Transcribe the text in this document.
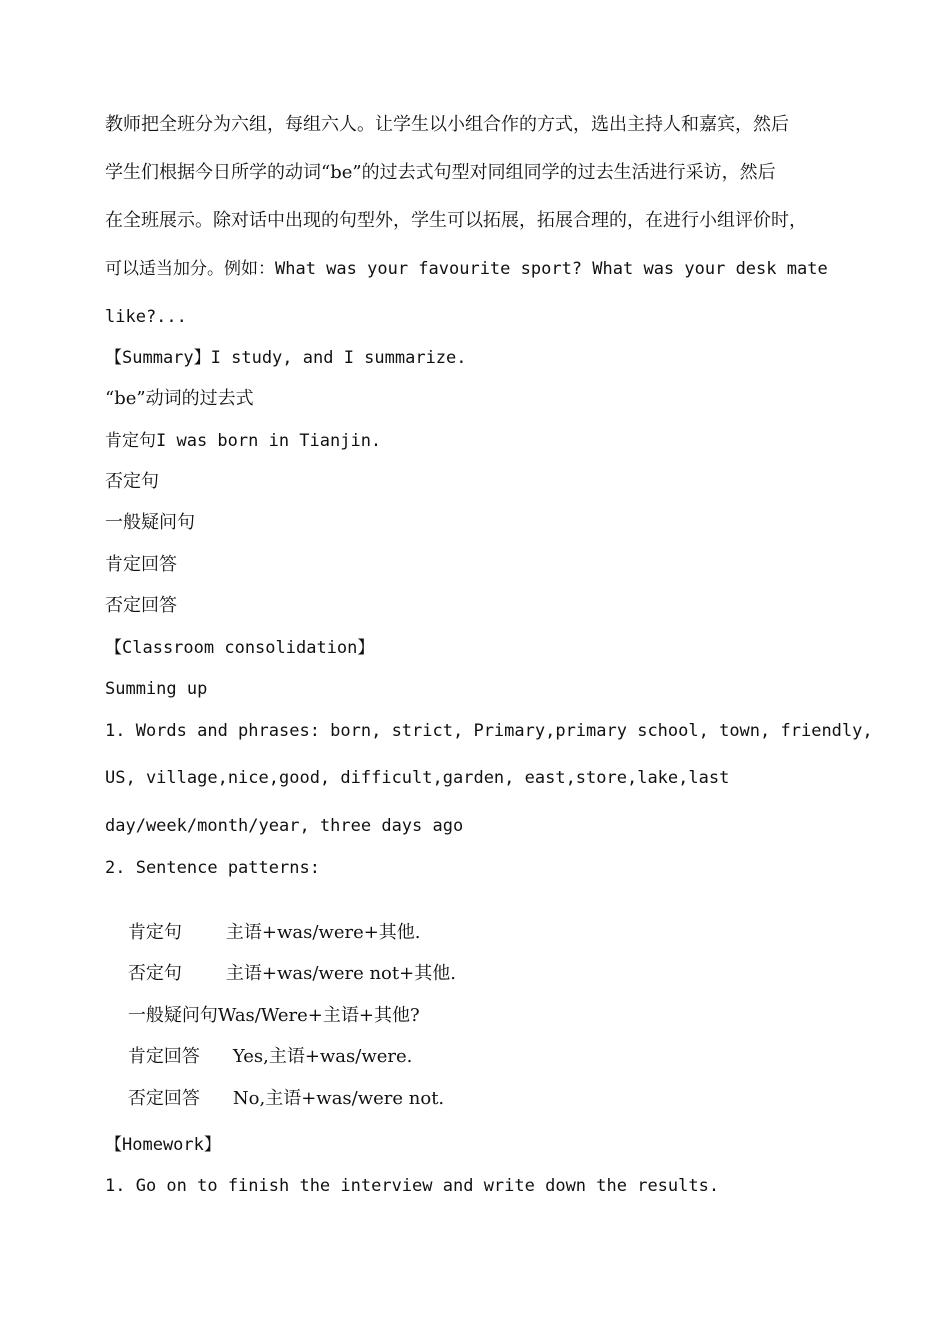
教师把全班分为六组，每组六人。让学生以小组合作的方式，选出主持人和嘉宾，然后
学生们根据今日所学的动词“be”的过去式句型对同组同学的过去生活进行采访，然后
在全班展示。除对话中出现的句型外，学生可以拓展，拓展合理的，在进行小组评价时，
可以适当加分。例如：What was your favourite sport? What was your desk mate
like?...
【Summary】I study, and I summarize.
“be”动词的过去式
肯定句I was born in Tianjin.
否定句
一般疑问句
肯定回答
否定回答
【Classroom consolidation】
Summing up
1. Words and phrases: born, strict, Primary,primary school, town, friendly,
US, village,nice,good, difficult,garden, east,store,lake,last
day/week/month/year, three days ago
2. Sentence patterns:

肯定句 主语+was/were+其他.

否定句 主语+was/were not+其他.

一般疑问句Was/Were+主语+其他?

肯定回答 Yes,主语+was/were.

否定回答 No,主语+was/were not.

【Homework】
1. Go on to finish the interview and write down the results.
